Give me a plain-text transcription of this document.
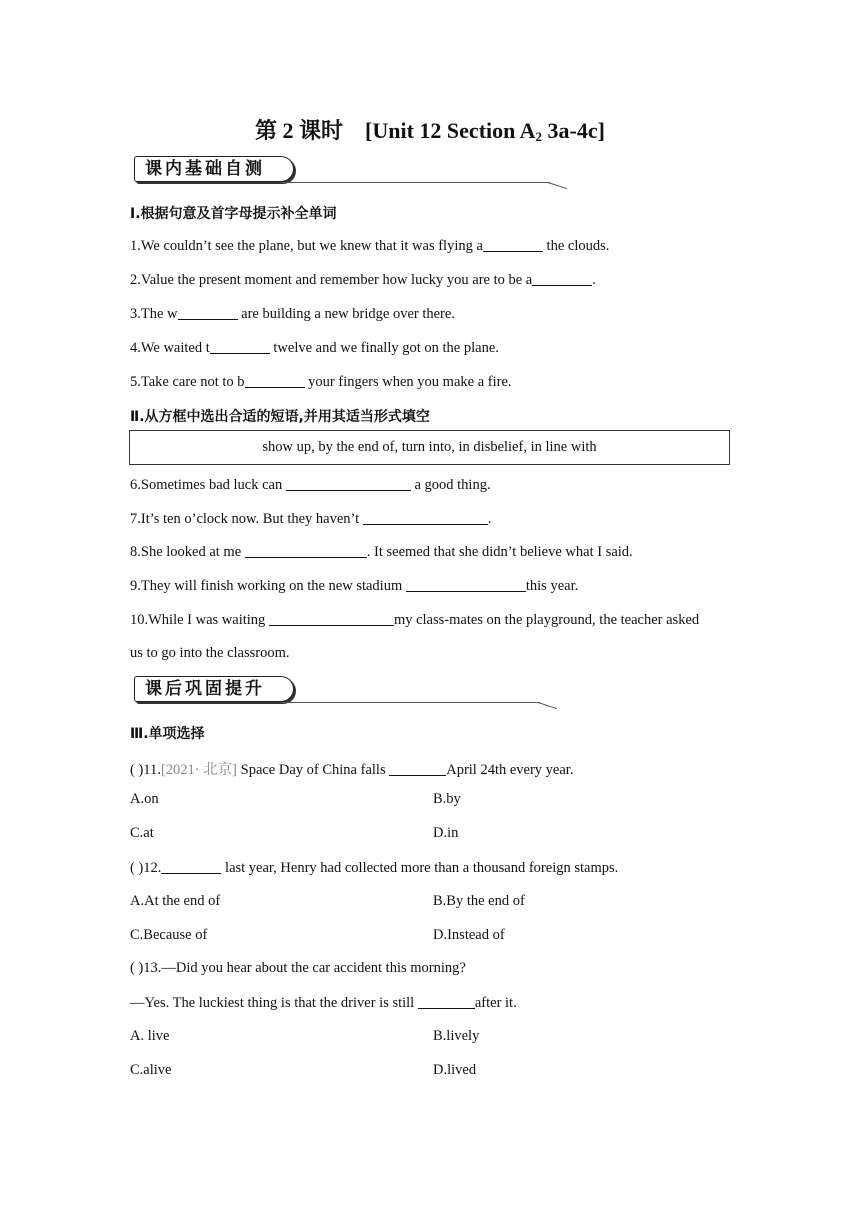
第 2 课时 [Unit 12 Section $A_2$ 3a-4c]
课内基础自测
Ⅰ.根据句意及首字母提示补全单词
1.We couldn’t see the plane, but we knew that it was flying a	the clouds.
2.Value the present moment and remember how lucky you are to be a	.
3.The w	are building a new bridge over there.
4.We waited t	twelve and we finally got on the plane.
5.Take care not to b	your fingers when you make a fire.
Ⅱ.从方框中选出合适的短语,并用其适当形式填空
show up, by the end of, turn into, in disbelief, in line with
6.Sometimes bad luck can	a good thing.
7.It’s ten o’clock now. But they haven’t	.
8.She looked at me	. It seemed that she didn’t believe what I said.
9.They will finish working on the new stadium	this year.
10.While I was waiting	my class-mates on the playground, the teacher asked
us to go into the classroom.
课后巩固提升
Ⅲ.单项选择
( )11.[2021· 北京] Space Day of China falls	April 24th every year.
A.on	B.by
C.at	D.in
( )12.	last year, Henry had collected more than a thousand foreign stamps.
A.At the end of	B.By the end of
C.Because of	D.Instead of
( )13.—Did you hear about the car accident this morning?
—Yes. The luckiest thing is that the driver is still	after it.
A. live	B.lively
C.alive	D.lived
